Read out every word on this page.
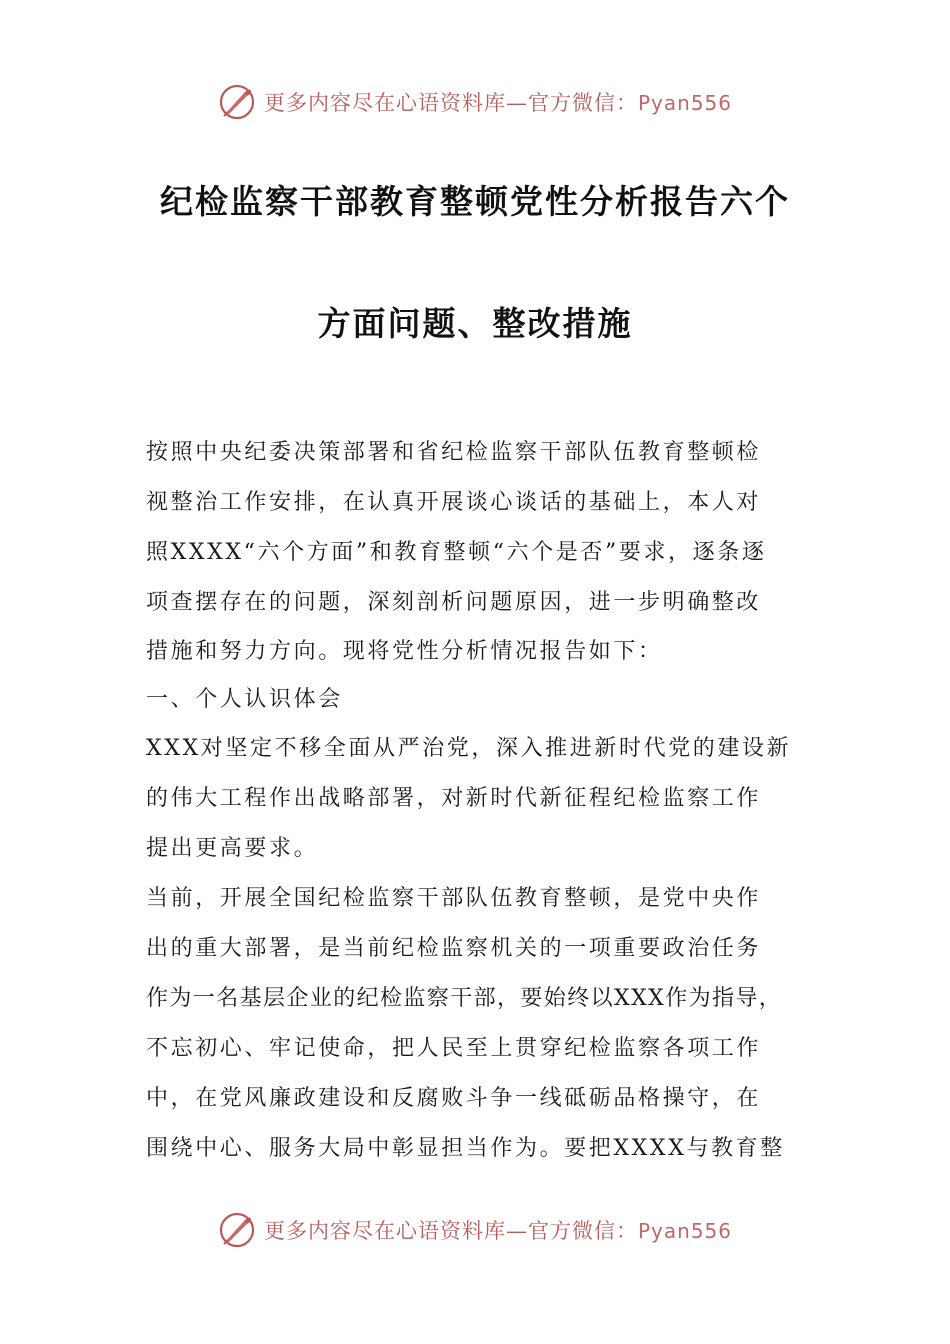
更多内容尽在心语资料库—官方微信：Pyan556
纪检监察干部教育整顿党性分析报告六个
方面问题、整改措施
按照中央纪委决策部署和省纪检监察干部队伍教育整顿检
视整治工作安排，在认真开展谈心谈话的基础上，本人对
照XXXX“六个方面”和教育整顿“六个是否”要求，逐条逐
项查摆存在的问题，深刻剖析问题原因，进一步明确整改
措施和努力方向。现将党性分析情况报告如下：
一、个人认识体会
XXX对坚定不移全面从严治党，深入推进新时代党的建设新
的伟大工程作出战略部署，对新时代新征程纪检监察工作
提出更高要求。
当前，开展全国纪检监察干部队伍教育整顿，是党中央作
出的重大部署，是当前纪检监察机关的一项重要政治任务
作为一名基层企业的纪检监察干部，要始终以XXX作为指导，
不忘初心、牢记使命，把人民至上贯穿纪检监察各项工作
中，在党风廉政建设和反腐败斗争一线砥砺品格操守，在
围绕中心、服务大局中彰显担当作为。要把XXXX与教育整
更多内容尽在心语资料库—官方微信：Pyan556
